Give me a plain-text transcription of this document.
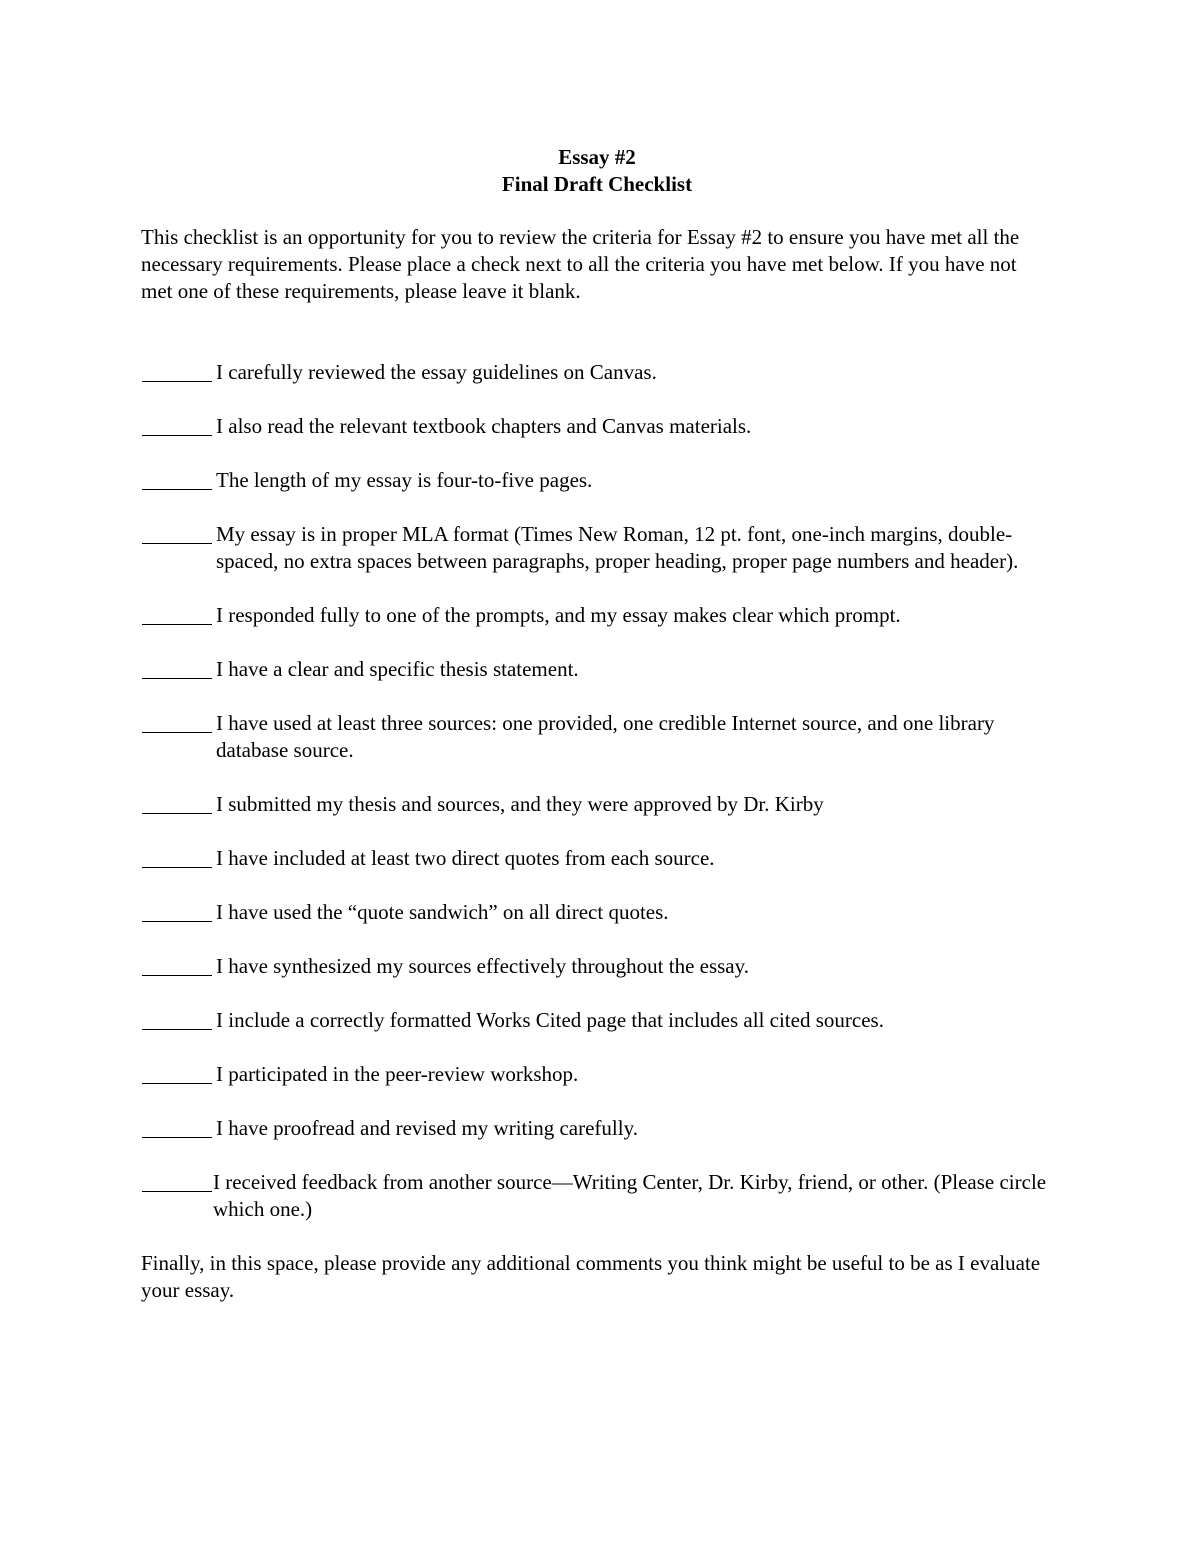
Essay #2
Final Draft Checklist

This checklist is an opportunity for you to review the criteria for Essay #2 to ensure you have met all the necessary requirements. Please place a check next to all the criteria you have met below. If you have not met one of these requirements, please leave it blank.

I carefully reviewed the essay guidelines on Canvas.
I also read the relevant textbook chapters and Canvas materials.
The length of my essay is four-to-five pages.
My essay is in proper MLA format (Times New Roman, 12 pt. font, one-inch margins, double-spaced, no extra spaces between paragraphs, proper heading, proper page numbers and header).
I responded fully to one of the prompts, and my essay makes clear which prompt.
I have a clear and specific thesis statement.
I have used at least three sources: one provided, one credible Internet source, and one library database source.
I submitted my thesis and sources, and they were approved by Dr. Kirby
I have included at least two direct quotes from each source.
I have used the “quote sandwich” on all direct quotes.
I have synthesized my sources effectively throughout the essay.
I include a correctly formatted Works Cited page that includes all cited sources.
I participated in the peer-review workshop.
I have proofread and revised my writing carefully.
I received feedback from another source—Writing Center, Dr. Kirby, friend, or other. (Please circle which one.)

Finally, in this space, please provide any additional comments you think might be useful to be as I evaluate your essay.
